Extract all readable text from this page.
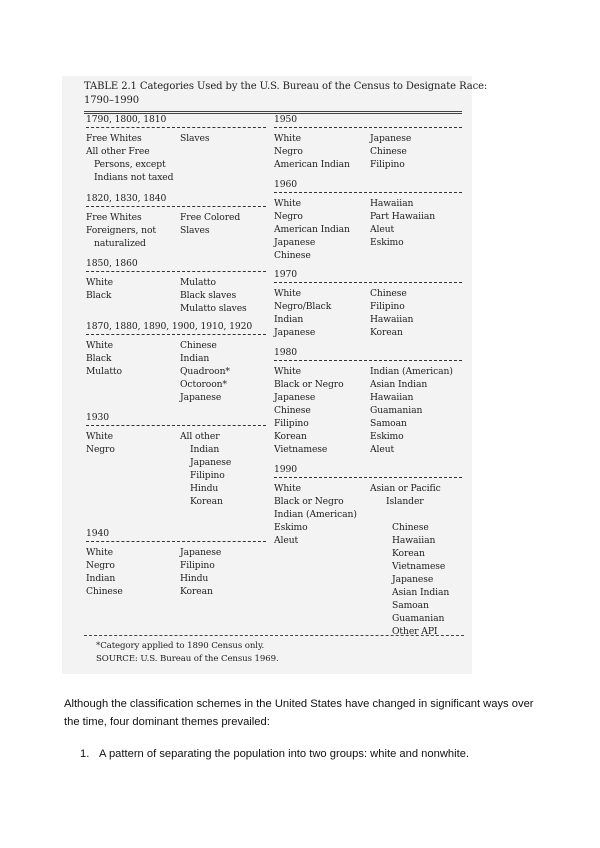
TABLE 2.1 Categories Used by the U.S. Bureau of the Census to Designate Race:
1790–1990
1790, 1800, 1810
Free Whites
All other Free
Persons, except
Indians not taxed
Slaves
1820, 1830, 1840
Free Whites
Foreigners, not
naturalized
Free Colored
Slaves
1850, 1860
White
Black
Mulatto
Black slaves
Mulatto slaves
1870, 1880, 1890, 1900, 1910, 1920
White
Black
Mulatto
Chinese
Indian
Quadroon*
Octoroon*
Japanese
1930
White
Negro
All other
Indian
Japanese
Filipino
Hindu
Korean
1940
White
Negro
Indian
Chinese
Japanese
Filipino
Hindu
Korean
1950
White
Negro
American Indian
Japanese
Chinese
Filipino
1960
White
Negro
American Indian
Japanese
Chinese
Hawaiian
Part Hawaiian
Aleut
Eskimo
1970
White
Negro/Black
Indian
Japanese
Chinese
Filipino
Hawaiian
Korean
1980
White
Black or Negro
Japanese
Chinese
Filipino
Korean
Vietnamese
Indian (American)
Asian Indian
Hawaiian
Guamanian
Samoan
Eskimo
Aleut
1990
White
Black or Negro
Indian (American)
Eskimo
Aleut
Asian or Pacific
Islander
Chinese
Hawaiian
Korean
Vietnamese
Japanese
Asian Indian
Samoan
Guamanian
Other API
*Category applied to 1890 Census only.
SOURCE: U.S. Bureau of the Census 1969.
Although the classification schemes in the United States have changed in significant ways over
the time, four dominant themes prevailed:
1. A pattern of separating the population into two groups: white and nonwhite.
